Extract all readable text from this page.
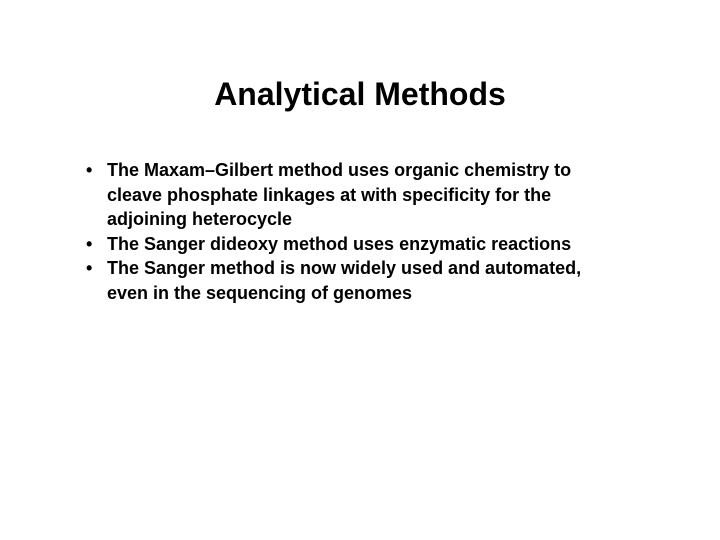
Analytical Methods
• The Maxam–Gilbert method uses organic chemistry to
cleave phosphate linkages at with specificity for the
adjoining heterocycle
• The Sanger dideoxy method uses enzymatic reactions
• The Sanger method is now widely used and automated,
even in the sequencing of genomes
